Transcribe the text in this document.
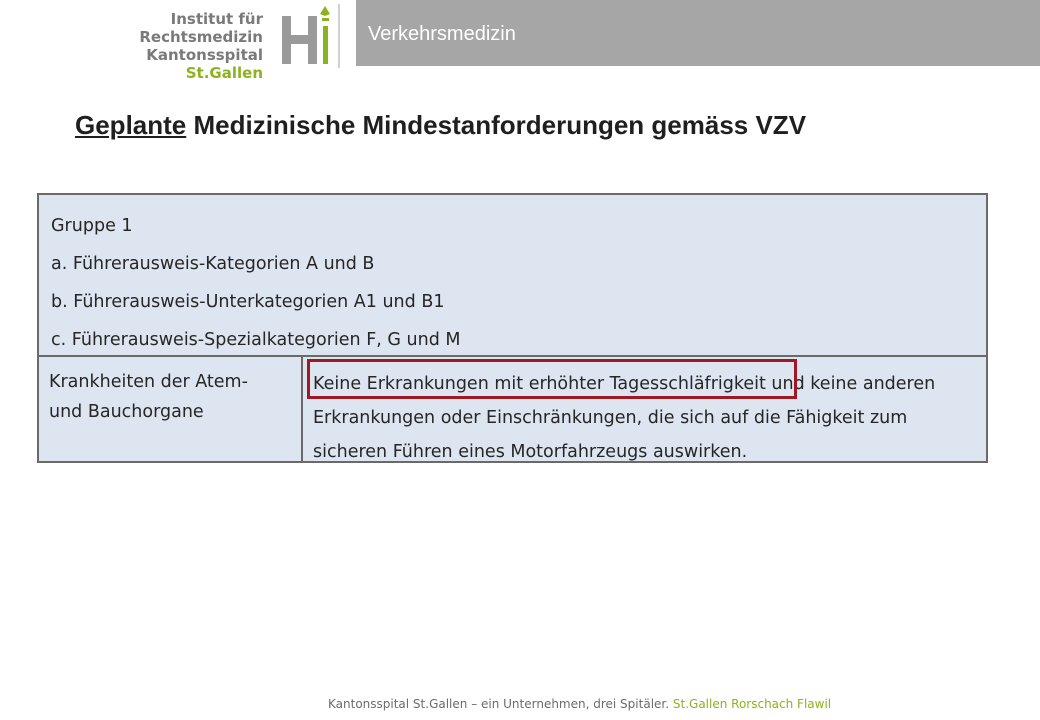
Institut für Rechtsmedizin
Kantonsspital
St.Gallen
Verkehrsmedizin
Geplante Medizinische Mindestanforderungen gemäss VZV
Gruppe 1
a. Führerausweis-Kategorien A und B
b. Führerausweis-Unterkategorien A1 und B1
c. Führerausweis-Spezialkategorien F, G und M
Krankheiten der Atem-
und Bauchorgane
Keine Erkrankungen mit erhöhter Tagesschläfrigkeit und keine anderen
Erkrankungen oder Einschränkungen, die sich auf die Fähigkeit zum
sicheren Führen eines Motorfahrzeugs auswirken.
Kantonsspital St.Gallen – ein Unternehmen, drei Spitäler. St.Gallen Rorschach Flawil
